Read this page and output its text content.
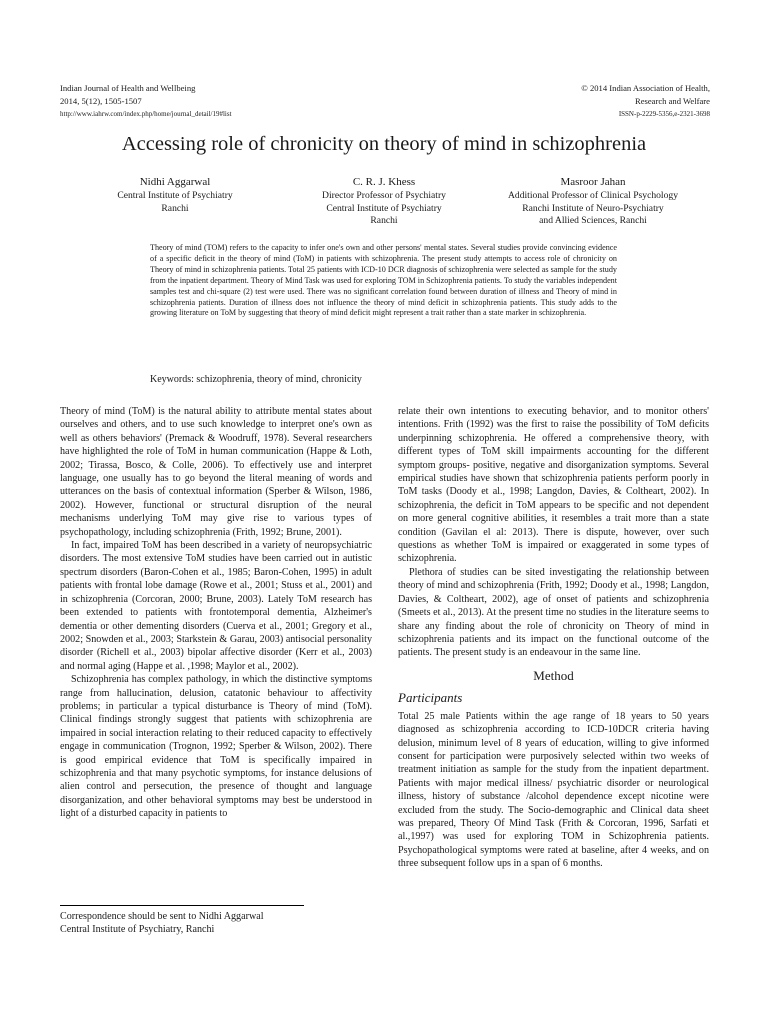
Indian Journal of Health and Wellbeing
2014, 5(12), 1505-1507
http://www.iahrw.com/index.php/home/journal_detail/19#list
© 2014 Indian Association of Health,
Research and Welfare
ISSN-p-2229-5356,e-2321-3698
Accessing role of chronicity on theory of mind in schizophrenia
Nidhi Aggarwal
Central Institute of Psychiatry
Ranchi
C. R. J. Khess
Director Professor of Psychiatry
Central Institute of Psychiatry
Ranchi
Masroor Jahan
Additional Professor of Clinical Psychology
Ranchi Institute of Neuro-Psychiatry
and Allied Sciences, Ranchi
Theory of mind (TOM) refers to the capacity to infer one's own and other persons' mental states. Several studies provide convincing evidence of a specific deficit in the theory of mind (ToM) in patients with schizophrenia. The present study attempts to access role of chronicity on Theory of mind in schizophrenia patients. Total 25 patients with ICD-10 DCR diagnosis of schizophrenia were selected as sample for the study from the inpatient department. Theory of Mind Task was used for exploring TOM in Schizophrenia patients. To study the variables independent samples test and chi-square (2) test were used. There was no significant correlation found between duration of illness and Theory of mind in schizophrenia patients. Duration of illness does not influence the theory of mind deficit in schizophrenia patients. This study adds to the growing literature on ToM by suggesting that theory of mind deficit might represent a trait rather than a state marker in schizophrenia.
Keywords: schizophrenia, theory of mind, chronicity

Theory of mind (ToM) is the natural ability to attribute mental states about ourselves and others, and to use such knowledge to interpret one's own as well as others behaviors' (Premack & Woodruff, 1978). Several researchers have highlighted the role of ToM in human communication (Happe & Loth, 2002; Tirassa, Bosco, & Colle, 2006). To effectively use and interpret language, one usually has to go beyond the literal meaning of words and utterances on the basis of contextual information (Sperber & Wilson, 1986, 2002). However, functional or structural disruption of the neural mechanisms underlying ToM may give rise to various types of psychopathology, including schizophrenia (Frith, 1992; Brune, 2001).

In fact, impaired ToM has been described in a variety of neuropsychiatric disorders. The most extensive ToM studies have been carried out in autistic spectrum disorders (Baron-Cohen et al., 1985; Baron-Cohen, 1995) in adult patients with frontal lobe damage (Rowe et al., 2001; Stuss et al., 2001) and in schizophrenia (Corcoran, 2000; Brune, 2003). Lately ToM research has been extended to patients with frontotemporal dementia, Alzheimer's dementia or other dementing disorders (Cuerva et al., 2001; Gregory et al., 2002; Snowden et al., 2003; Starkstein & Garau, 2003) antisocial personality disorder (Richell et al., 2003) bipolar affective disorder (Kerr et al., 2003) and normal aging (Happe et al. ,1998; Maylor et al., 2002).

Schizophrenia has complex pathology, in which the distinctive symptoms range from hallucination, delusion, catatonic behaviour to affectivity problems; in particular a typical disturbance is Theory of mind (ToM). Clinical findings strongly suggest that patients with schizophrenia are impaired in social interaction relating to their reduced capacity to effectively engage in communication (Trognon, 1992; Sperber & Wilson, 2002). There is good empirical evidence that ToM is specifically impaired in schizophrenia and that many psychotic symptoms, for instance delusions of alien control and persecution, the presence of thought and language disorganization, and other behavioral symptoms may best be understood in light of a disturbed capacity in patients to

Correspondence should be sent to Nidhi Aggarwal
Central Institute of Psychiatry, Ranchi

relate their own intentions to executing behavior, and to monitor others' intentions. Frith (1992) was the first to raise the possibility of ToM deficits underpinning schizophrenia. He offered a comprehensive theory, with different types of ToM skill impairments accounting for the different symptom groups- positive, negative and disorganization symptoms. Several empirical studies have shown that schizophrenia patients perform poorly in ToM tasks (Doody et al., 1998; Langdon, Davies, & Coltheart, 2002). In schizophrenia, the deficit in ToM appears to be specific and not dependent on more general cognitive abilities, it resembles a trait more than a state condition (Gavilan el al: 2013). There is dispute, however, over such questions as whether ToM is impaired or exaggerated in some types of schizophrenia.

Plethora of studies can be sited investigating the relationship between theory of mind and schizophrenia (Frith, 1992; Doody et al., 1998; Langdon, Davies, & Coltheart, 2002), age of onset of patients and schizophrenia (Smeets et al., 2013). At the present time no studies in the literature seems to share any finding about the role of chronicity on Theory of mind in schizophrenia patients and its impact on the functional outcome of the patients. The present study is an endeavour in the same line.

Method
Participants

Total 25 male Patients within the age range of 18 years to 50 years diagnosed as schizophrenia according to ICD-10DCR criteria having delusion, minimum level of 8 years of education, willing to give informed consent for participation were purposively selected within two weeks of treatment initiation as sample for the study from the inpatient department. Patients with major medical illness/ psychiatric disorder or neurological illness, history of substance /alcohol dependence except nicotine were excluded from the study. The Socio-demographic and Clinical data sheet was prepared, Theory Of Mind Task (Frith & Corcoran, 1996, Sarfati et al.,1997) was used for exploring TOM in Schizophrenia patients. Psychopathological symptoms were rated at baseline, after 4 weeks, and on three subsequent follow ups in a span of 6 months.
